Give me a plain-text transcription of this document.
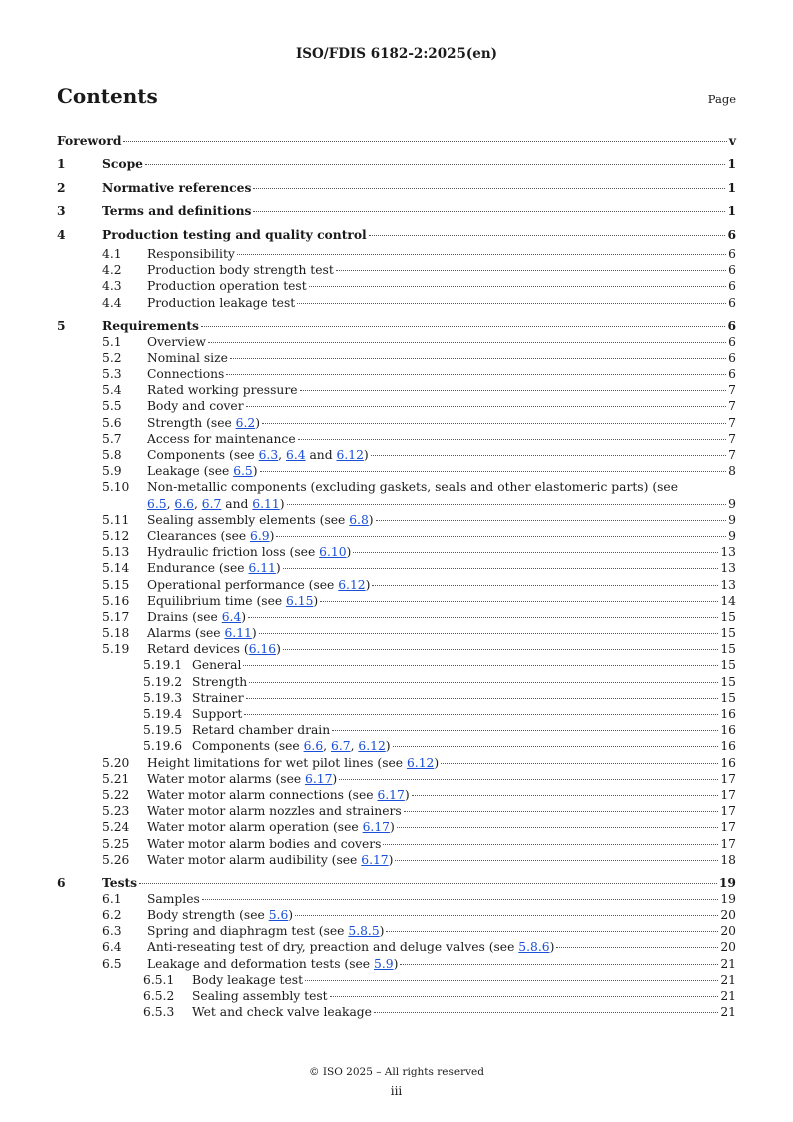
ISO/FDIS 6182-2:2025(en)
Contents	Page
Foreword	v
1	Scope	1
2	Normative references	1
3	Terms and definitions	1
4	Production testing and quality control	6
4.1 Responsibility	6
4.2 Production body strength test	6
4.3 Production operation test	6
4.4 Production leakage test	6
5	Requirements	6
5.1 Overview	6
5.2 Nominal size	6
5.3 Connections	6
5.4 Rated working pressure	7
5.5 Body and cover	7
5.6 Strength (see 6.2)	7
5.7 Access for maintenance	7
5.8 Components (see 6.3, 6.4 and 6.12)	7
5.9 Leakage (see 6.5)	8
5.10 Non-metallic components (excluding gaskets, seals and other elastomeric parts) (see
6.5, 6.6, 6.7 and 6.11)	9
5.11 Sealing assembly elements (see 6.8)	9
5.12 Clearances (see 6.9)	9
5.13 Hydraulic friction loss (see 6.10)	13
5.14 Endurance (see 6.11)	13
5.15 Operational performance (see 6.12)	13
5.16 Equilibrium time (see 6.15)	14
5.17 Drains (see 6.4)	15
5.18 Alarms (see 6.11)	15
5.19 Retard devices (6.16)	15
5.19.1 General	15
5.19.2 Strength	15
5.19.3 Strainer	15
5.19.4 Support	16
5.19.5 Retard chamber drain	16
5.19.6 Components (see 6.6, 6.7, 6.12)	16
5.20 Height limitations for wet pilot lines (see 6.12)	16
5.21 Water motor alarms (see 6.17)	17
5.22 Water motor alarm connections (see 6.17)	17
5.23 Water motor alarm nozzles and strainers	17
5.24 Water motor alarm operation (see 6.17)	17
5.25 Water motor alarm bodies and covers	17
5.26 Water motor alarm audibility (see 6.17)	18
6	Tests	19
6.1 Samples	19
6.2 Body strength (see 5.6)	20
6.3 Spring and diaphragm test (see 5.8.5)	20
6.4 Anti-reseating test of dry, preaction and deluge valves (see 5.8.6)	20
6.5 Leakage and deformation tests (see 5.9)	21
6.5.1 Body leakage test	21
6.5.2 Sealing assembly test	21
6.5.3 Wet and check valve leakage	21
© ISO 2025 – All rights reserved
iii
